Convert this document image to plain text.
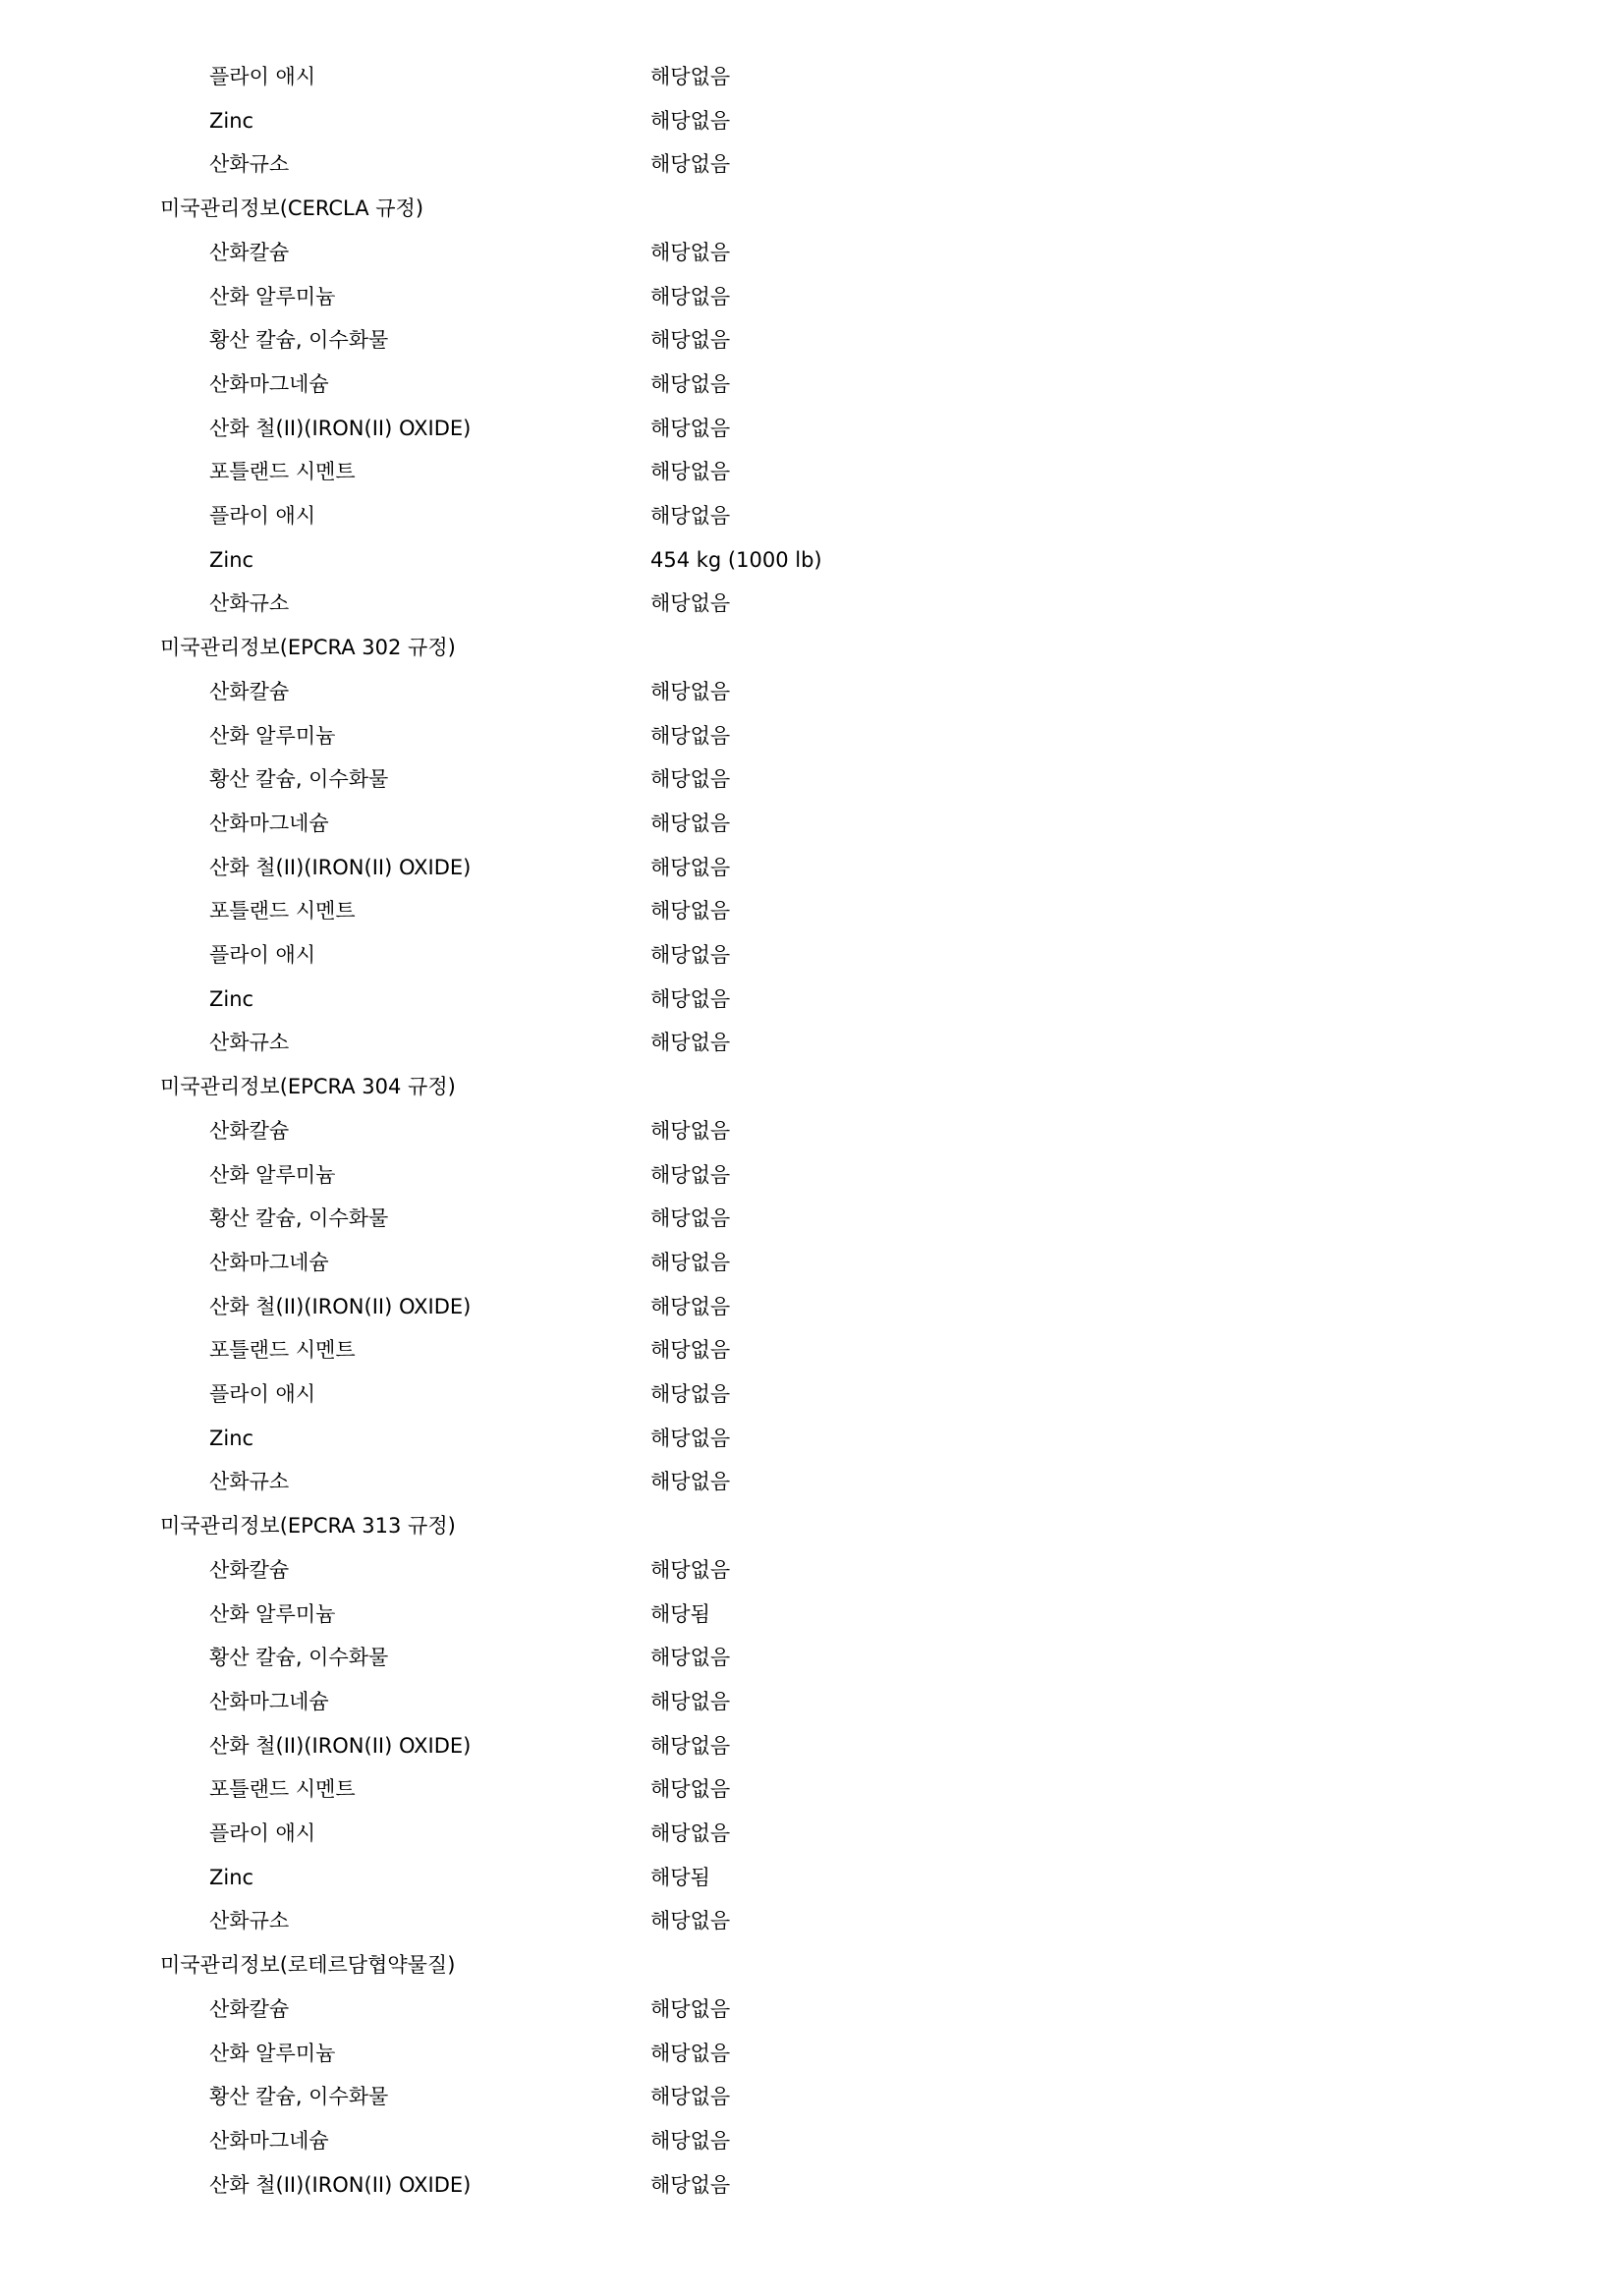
플라이 애시	해당없음
Zinc	해당없음
산화규소	해당없음
미국관리정보(CERCLA 규정)
산화칼슘	해당없음
산화 알루미늄	해당없음
황산 칼슘, 이수화물	해당없음
산화마그네슘	해당없음
산화 철(II)(IRON(II) OXIDE)	해당없음
포틀랜드 시멘트	해당없음
플라이 애시	해당없음
Zinc	454 kg (1000 lb)
산화규소	해당없음
미국관리정보(EPCRA 302 규정)
산화칼슘	해당없음
산화 알루미늄	해당없음
황산 칼슘, 이수화물	해당없음
산화마그네슘	해당없음
산화 철(II)(IRON(II) OXIDE)	해당없음
포틀랜드 시멘트	해당없음
플라이 애시	해당없음
Zinc	해당없음
산화규소	해당없음
미국관리정보(EPCRA 304 규정)
산화칼슘	해당없음
산화 알루미늄	해당없음
황산 칼슘, 이수화물	해당없음
산화마그네슘	해당없음
산화 철(II)(IRON(II) OXIDE)	해당없음
포틀랜드 시멘트	해당없음
플라이 애시	해당없음
Zinc	해당없음
산화규소	해당없음
미국관리정보(EPCRA 313 규정)
산화칼슘	해당없음
산화 알루미늄	해당됨
황산 칼슘, 이수화물	해당없음
산화마그네슘	해당없음
산화 철(II)(IRON(II) OXIDE)	해당없음
포틀랜드 시멘트	해당없음
플라이 애시	해당없음
Zinc	해당됨
산화규소	해당없음
미국관리정보(로테르담협약물질)
산화칼슘	해당없음
산화 알루미늄	해당없음
황산 칼슘, 이수화물	해당없음
산화마그네슘	해당없음
산화 철(II)(IRON(II) OXIDE)	해당없음
